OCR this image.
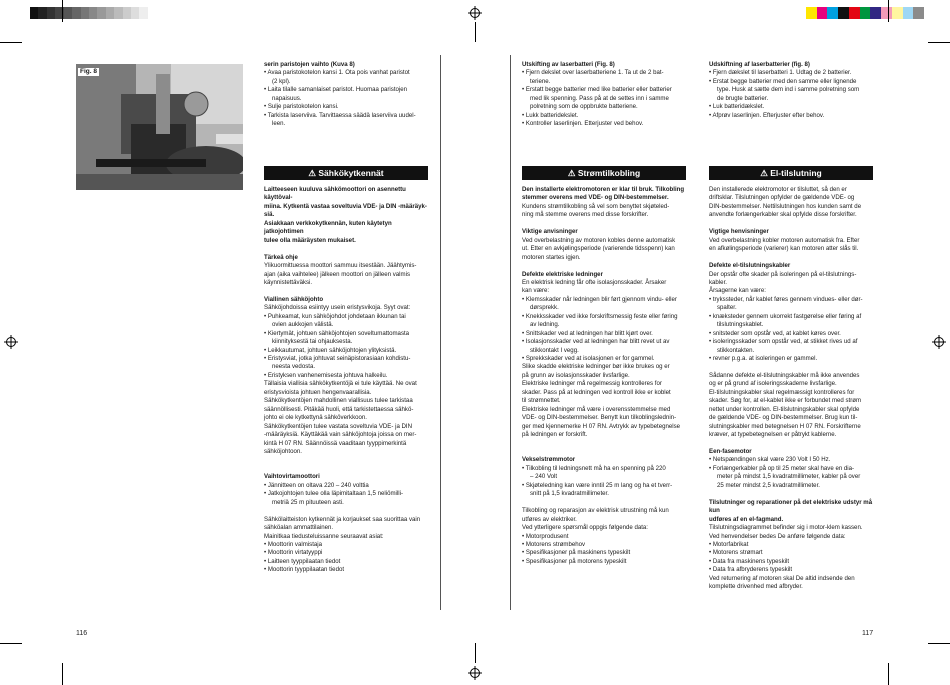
Fig. 8

serin paristojen vaihto (Kuva 8)

• Avaa paristokotelon kansi 1. Ota pois vanhat paristot

(2 kpl).

• Laita tilalle samanlaiset paristot. Huomaa paristojen

napaisuus.

• Sulje paristokotelon kansi.

• Tarkista laserviiva. Tarvittaessa säädä laserviiva uudel-

leen.

⚠ Sähkökytkennät

Laitteeseen kuuluva sähkömoottori on asennettu käyttöval-

miina. Kytkentä vastaa soveltuvia VDE- ja DIN -määräyk-

siä.

Asiakkaan verkkokytkennän, kuten käytetyn jatkojohtimen

tulee olla määräysten mukaiset.

Tärkeä ohje

Ylikuormittuessa moottori sammuu itsestään. Jäähtymis-

ajan (aika vaihtelee) jälkeen moottori on jälleen valmis

käynnistettäväksi.

Viallinen sähköjohto

Sähköjohdoissa esiintyy usein eristysvikoja. Syyt ovat:

• Puhkeamat, kun sähköjohdot johdetaan ikkunan tai

ovien aukkojen välistä.

• Kiertymät, johtuen sähköjohtojen soveltumattomasta

kiinnityksestä tai ohjauksesta.

• Leikkautumat, johtuen sähköjohtojen ylityksistä.

• Eristysviat, jotka johtuvat seinäpistorasiaan kohdistu-

neesta vedosta.

• Eristyksen vanhenemisesta johtuva halkeilu.

Tällaisia viallisia sähkökytkentöjä ei tule käyttää. Ne ovat

eristysvioista johtuen hengenvaarallisia.

Sähkökytkentöjen mahdollinen viallisuus tulee tarkistaa

säännöllisesti. Pitäkää huoli, että tarkistettaessa sähkö-

johto ei ole kytkettynä sähköverkkoon.

Sähkökytkentöjen tulee vastata soveltuvia VDE- ja DIN

-määräyksiä. Käyttäkää vain sähköjohtoja joissa on mer-

kintä H 07 RN. Säännöissä vaaditaan tyyppimerkintä

sähköjohtoon.

Vaihtovirtamoottori

• Jännitteen on oltava 220 – 240 volttia

• Jatkojohtojen tulee olla läpimitaltaan 1,5 neliömilli-

metriä 25 m pituuteen asti.

Sähkölaitteiston kytkennät ja korjaukset saa suorittaa vain

sähköalan ammattilainen.

Mainitkaa tiedusteluissanne seuraavat asiat:

• Moottorin valmistaja

• Moottorin virtatyyppi

• Laitteen tyyppilaatan tiedot

• Moottorin tyyppilaatan tiedot

Utskifting av laserbatteri (Fig. 8)

• Fjern dekslet over laserbatteriene 1. Ta ut de 2 bat-

teriene.

• Erstatt begge batterier med like batterier eller batterier

med lik spenning. Pass på at de settes inn i samme

polretning som de oppbrukte batteriene.

• Lukk batteridekslet.

• Kontroller laserlinjen. Etterjuster ved behov.

⚠ Strømtilkobling

Den installerte elektromotoren er klar til bruk. Tilkobling

stemmer overens med VDE- og DIN-bestemmelser.

Kundens strømtilkobling så vel som benyttet skjøteled-

ning må stemme overens med disse forskrifter.

Viktige anvisninger

Ved overbelastning av motoren kobles denne automatisk

ut. Etter en avkjølingsperiode (varierende tidsspenn) kan

motoren startes igjen.

Defekte elektriske ledninger

En elektrisk ledning får ofte isolasjonsskader. Årsaker

kan være:

• Klemsskader når ledningen blir ført gjennom vindu- eller

dørsprekk.

• Knekksskader ved ikke forskriftsmessig feste eller føring

av ledning.

• Snittskader ved at ledningen har blitt kjørt over.

• Isolasjonsskader ved at ledningen har blitt revet ut av

stikkontakt I vegg.

• Sprekkskader ved at isolasjonen er for gammel.

Slike skadde elektriske ledninger bør ikke brukes og er

på grunn av isolasjonsskader livsfarlige.

Elektriske ledninger må regelmessig kontrolleres for

skader. Pass på at ledningen ved kontroll ikke er koblet

til strømnettet.

Elektriske ledninger må være i overensstemmelse med

VDE- og DIN-bestemmelser. Benytt kun tilkoblingslednin-

ger med kjennemerke H 07 RN. Avtrykk av typebetegnelse

på ledningen er forskrift.

Vekselstrømmotor

• Tilkobling til ledningsnett må ha en spenning på 220

– 240 Volt

• Skjøteledning kan være inntil 25 m lang og ha et tverr-

snitt på 1,5 kvadratmillimeter.

Tilkobling og reparasjon av elektrisk utrustning må kun

utføres av elektriker.

Ved ytterligere spørsmål oppgis følgende data:

• Motorprodusent

• Motorens strømbehov

• Spesifikasjoner på maskinens typeskilt

• Spesifikasjoner på motorens typeskilt

Udskiftning af laserbatterier (fig. 8)

• Fjern dækslet til laserbatteri 1. Udtag de 2 batterier.

• Erstat begge batterier med den samme eller lignende

type. Husk at sætte dem ind i samme polretning som

de brugte batterier.

• Luk batteridækslet.

• Afprøv laserlinjen. Efterjuster efter behov.

⚠ El-tilslutning

Den installerede elektromotor er tilsluttet, så den er

driftsklar. Tilslutningen opfylder de gældende VDE- og

DIN-bestemmelser. Nettilslutningen hos kunden samt de

anvendte forlængerkabler skal opfylde disse forskrifter.

Vigtige henvisninger

Ved overbelastning kobler motoren automatisk fra. Efter

en afkølingsperiode (varierer) kan motoren atter slås til.

Defekte el-tilslutningskabler

Der opstår ofte skader på isoleringen på el-tilslutnings-

kabler.

Årsagerne kan være:

• trykssteder, når kablet føres gennem vindues- eller dør-

spalter.

• knæksteder gennem ukorrekt fastgørelse eller føring af

tilslutningskablet.

• snitsteder som opstår ved, at kablet køres over.

• isoleringsskader som opstår ved, at stikket rives ud af

stikkontakten.

• revner p.g.a. at isoleringen er gammel.

Sådanne defekte el-tilslutningskabler må ikke anvendes

og er på grund af isoleringsskaderne livsfarlige.

El-tilslutningskabler skal regelmæssigt kontrolleres for

skader. Søg for, at el-kablet ikke er forbundet med strøm

nettet under kontrollen. El-tilslutningskabler skal opfylde

de gældende VDE- og DIN-bestemmelser. Brug kun til-

slutningskabler med betegnelsen H 07 RN. Forskrifterne

kræver, at typebetegnelsen er påtrykt kablerne.

Een-fasemotor

• Netspændingen skal være 230 Volt I 50 Hz.

• Forlængerkabler på op til 25 meter skal have en dia-

meter på mindst 1,5 kvadratmillimeter, kabler på over

25 meter mindst 2,5 kvadratmillimeter.

Tilslutninger og reparationer på det elektriske udstyr må kun

udføres af en el-fagmand.

Tilslutningsdiagrammet befinder sig i motor-klem kassen.

Ved henvendelser bedes De anføre følgende data:

• Motorfabrikat

• Motorens strømart

• Data fra maskinens typeskilt

• Data fra afbryderens typeskilt

Ved returnering af motoren skal De altid indsende den

komplette drivenhed med afbryder.

116	117
